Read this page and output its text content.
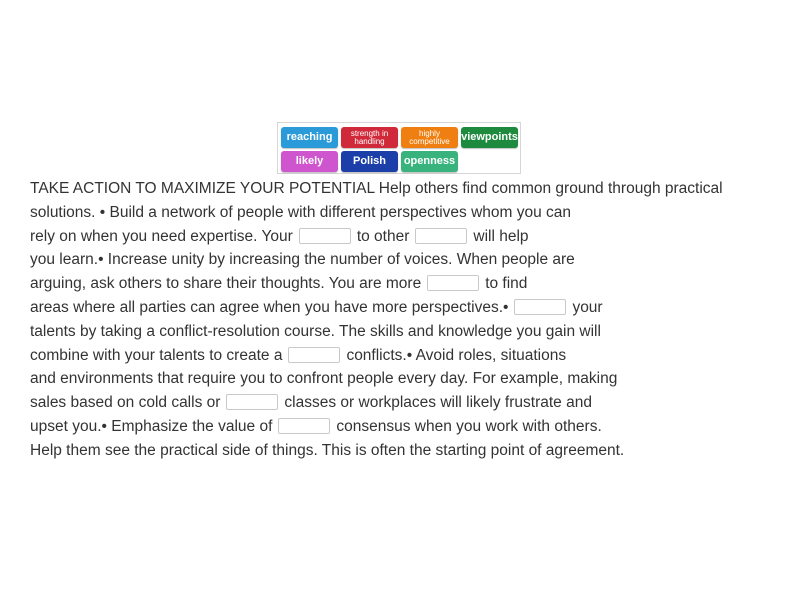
reaching	strength in handling
highly competitive	viewpoints
likely	Polish	openness
TAKE ACTION TO MAXIMIZE YOUR POTENTIAL Help others find common ground through practical
solutions. • Build a network of people with different perspectives whom you can
rely on when you need expertise. Your	to other	will help
you learn.• Increase unity by increasing the number of voices. When people are
arguing, ask others to share their thoughts. You are more	to find
areas where all parties can agree when you have more perspectives.•	your
talents by taking a conflict-resolution course. The skills and knowledge you gain will
combine with your talents to create a	conflicts.• Avoid roles, situations
and environments that require you to confront people every day. For example, making
sales based on cold calls or	classes or workplaces will likely frustrate and
upset you.• Emphasize the value of	consensus when you work with others.
Help them see the practical side of things. This is often the starting point of agreement.
